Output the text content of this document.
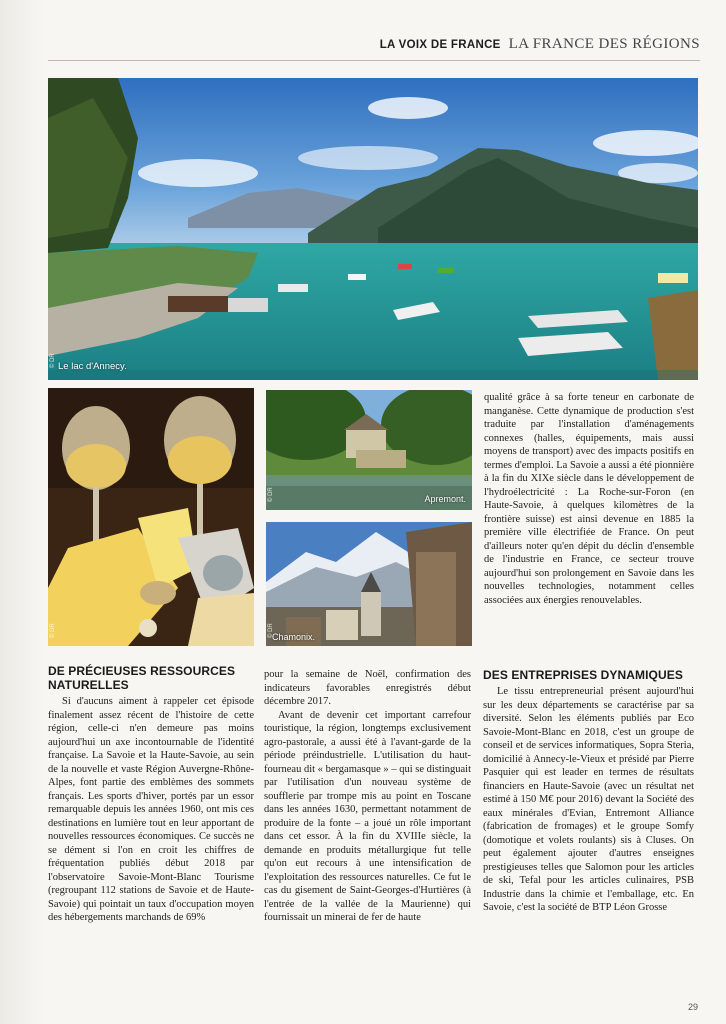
LA VOIX DE FRANCE LA FRANCE DES RÉGIONS
Le lac d'Annecy.
© DR
© DR
Apremont.
© DR
Chamonix.
© DR

qualité grâce à sa forte teneur en carbonate de manganèse. Cette dynamique de production s'est traduite par l'installation d'aménagements connexes (halles, équipements, mais aussi moyens de transport) avec des impacts positifs en termes d'emploi. La Savoie a aussi a été pionnière à la fin du XIXe siècle dans le développement de l'hydroélectricité : La Roche-sur-Foron (en Haute-Savoie, à quelques kilomètres de la frontière suisse) est ainsi devenue en 1885 la première ville électrifiée de France. On peut d'ailleurs noter qu'en dépit du déclin d'ensemble de l'industrie en France, ce secteur trouve aujourd'hui son prolongement en Savoie dans les nouvelles technologies, notamment celles associées aux énergies renouvelables.

DE PRÉCIEUSES RESSOURCES NATURELLES

Si d'aucuns aiment à rappeler cet épisode finalement assez récent de l'histoire de cette région, celle-ci n'en demeure pas moins aujourd'hui un axe incontournable de l'identité française. La Savoie et la Haute-Savoie, au sein de la nouvelle et vaste Région Auvergne-Rhône-Alpes, font partie des emblèmes des sommets français. Les sports d'hiver, portés par un essor remarquable depuis les années 1960, ont mis ces destinations en lumière tout en leur apportant de nouvelles ressources économiques. Ce succès ne se dément si l'on en croit les chiffres de fréquentation publiés début 2018 par l'observatoire Savoie-Mont-Blanc Tourisme (regroupant 112 stations de Savoie et de Haute-Savoie) qui pointait un taux d'occupation moyen des hébergements marchands de 69%

pour la semaine de Noël, confirmation des indicateurs favorables enregistrés début décembre 2017.

Avant de devenir cet important carrefour touristique, la région, longtemps exclusivement agro-pastorale, a aussi été à l'avant-garde de la période préindustrielle. L'utilisation du haut-fourneau dit « bergamasque » – qui se distinguait par l'utilisation d'un nouveau système de soufflerie par trompe mis au point en Toscane dans les années 1630, permettant notamment de produire de la fonte – a joué un rôle important dans cet essor. À la fin du XVIIIe siècle, la demande en produits métallurgique fut telle qu'on eut recours à une intensification de l'exploitation des ressources naturelles. Ce fut le cas du gisement de Saint-Georges-d'Hurtières (à l'entrée de la vallée de la Maurienne) qui fournissait un minerai de fer de haute

DES ENTREPRISES DYNAMIQUES

Le tissu entrepreneurial présent aujourd'hui sur les deux départements se caractérise par sa diversité. Selon les éléments publiés par Eco Savoie-Mont-Blanc en 2018, c'est un groupe de conseil et de services informatiques, Sopra Steria, domicilié à Annecy-le-Vieux et présidé par Pierre Pasquier qui est leader en termes de résultats financiers en Haute-Savoie (avec un résultat net estimé à 150 M€ pour 2016) devant la Société des eaux minérales d'Evian, Entremont Alliance (fabrication de fromages) et le groupe Somfy (domotique et volets roulants) sis à Cluses. On peut également ajouter d'autres enseignes prestigieuses telles que Salomon pour les articles de ski, Tefal pour les articles culinaires, PSB Industrie dans la chimie et l'emballage, etc. En Savoie, c'est la société de BTP Léon Grosse

29
